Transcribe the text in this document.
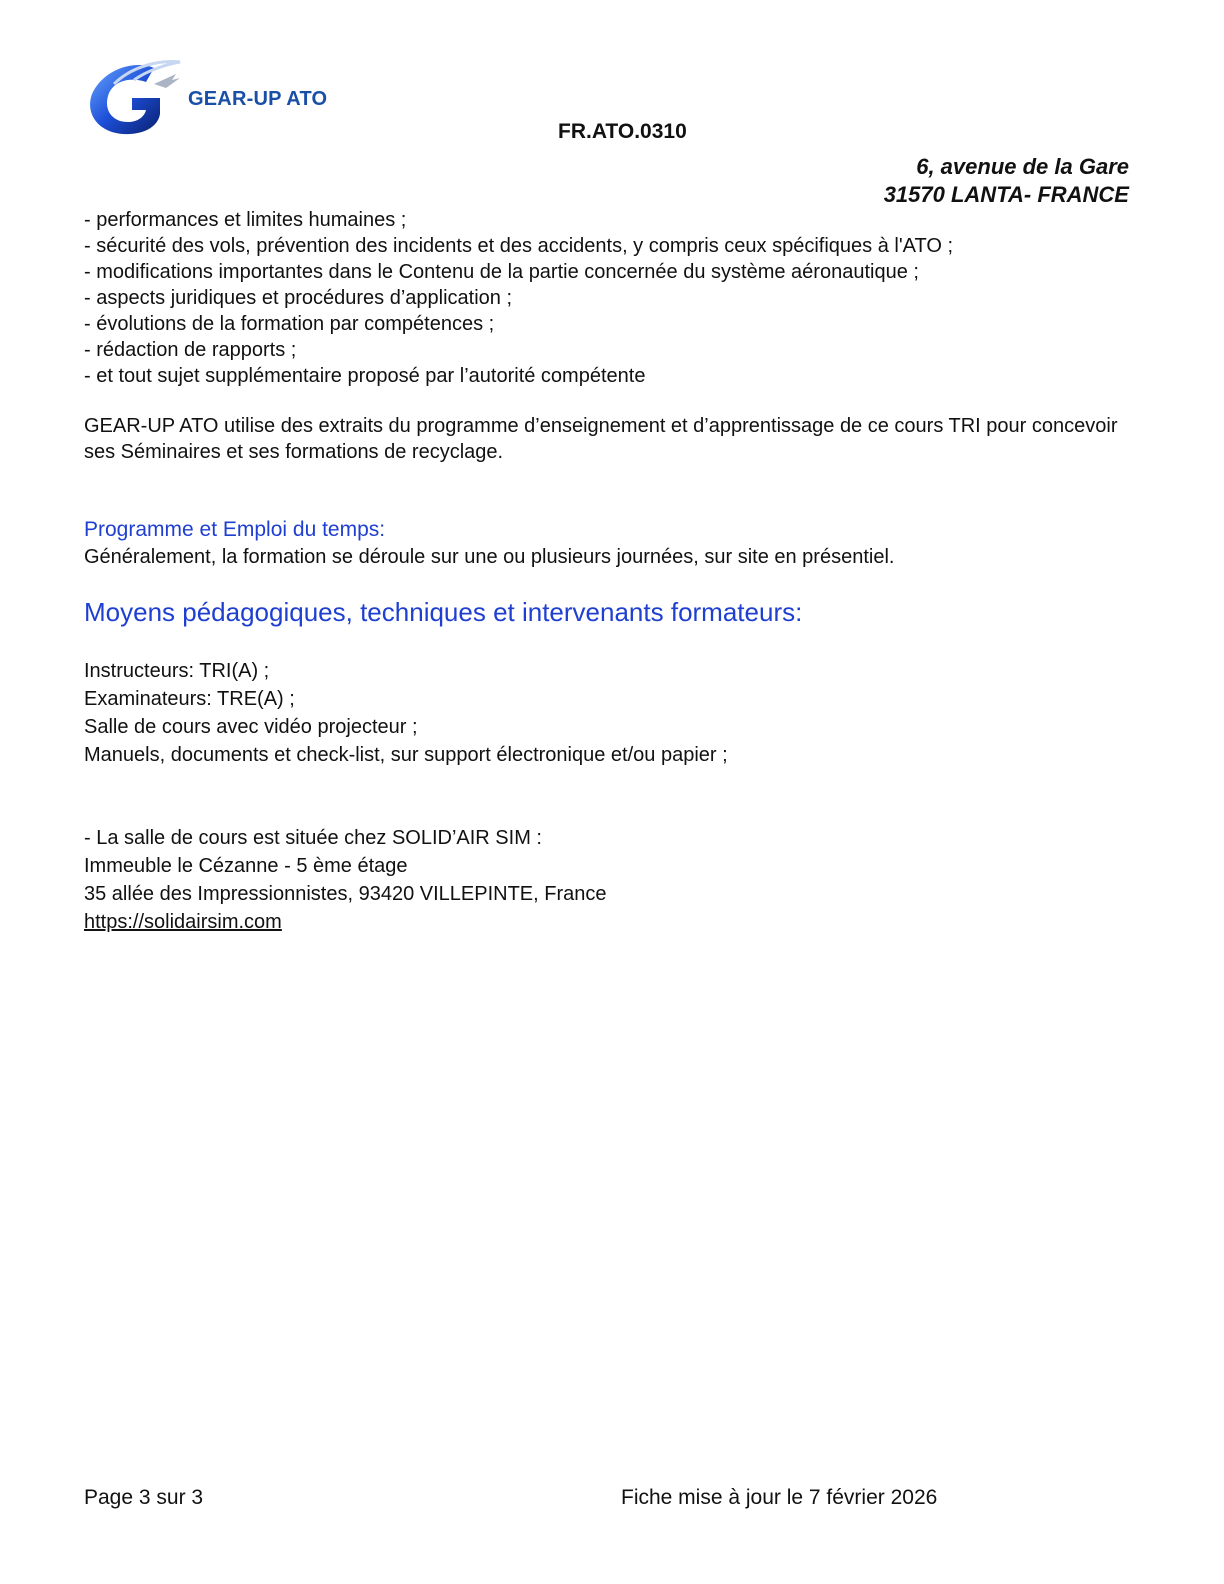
GEAR-UP ATO
FR.ATO.0310
6, avenue de la Gare
31570 LANTA- FRANCE
- performances et limites humaines ;
- sécurité des vols, prévention des incidents et des accidents, y compris ceux spécifiques à l'ATO ;
- modifications importantes dans le Contenu de la partie concernée du système aéronautique ;
- aspects juridiques et procédures d’application ;
- évolutions de la formation par compétences ;
- rédaction de rapports ;
- et tout sujet supplémentaire proposé par l’autorité compétente
GEAR-UP ATO utilise des extraits du programme d’enseignement et d’apprentissage de ce cours TRI pour concevoir ses Séminaires et ses formations de recyclage.
Programme et Emploi du temps:
Généralement, la formation se déroule sur une ou plusieurs journées, sur site en présentiel.
Moyens pédagogiques, techniques et intervenants formateurs:
Instructeurs: TRI(A) ;
Examinateurs: TRE(A) ;
Salle de cours avec vidéo projecteur ;
Manuels, documents et check-list, sur support électronique et/ou papier ;
- La salle de cours est située chez SOLID’AIR SIM :
Immeuble le Cézanne - 5 ème étage
35 allée des Impressionnistes, 93420 VILLEPINTE, France
https://solidairsim.com
Page 3 sur 3	Fiche mise à jour le 7 février 2026
